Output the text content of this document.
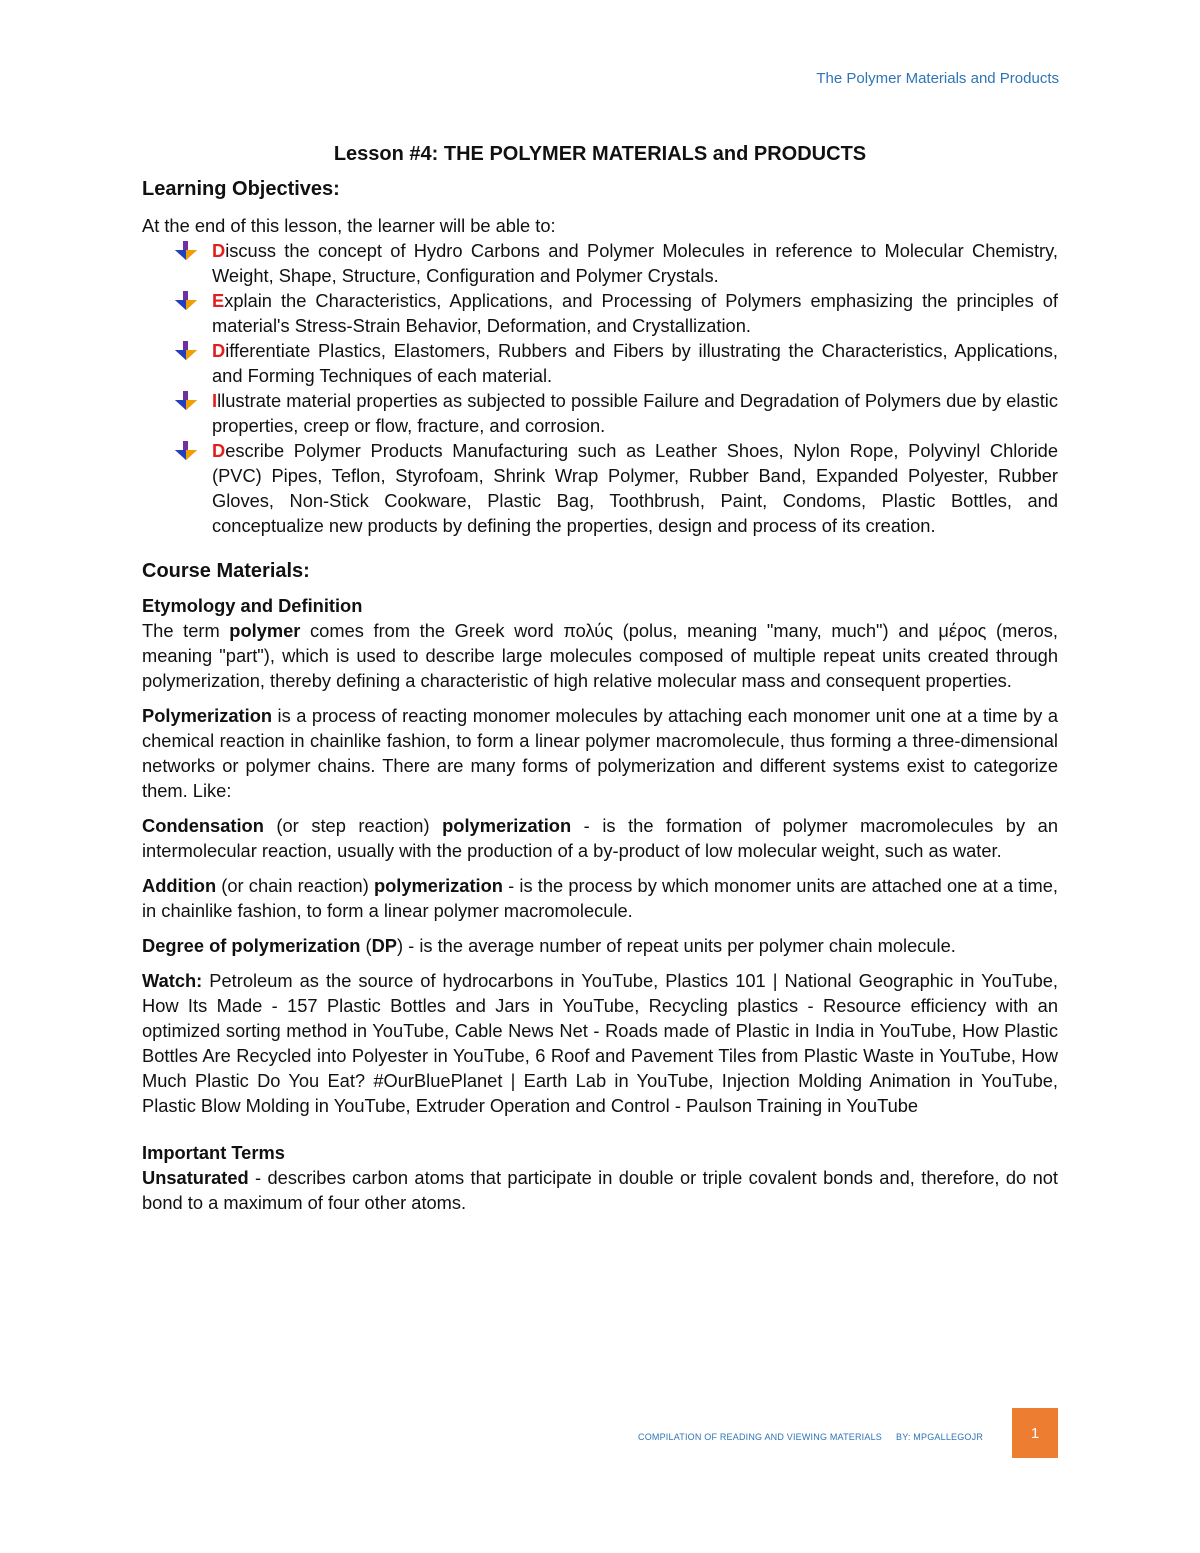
The Polymer Materials and Products
Lesson #4: THE POLYMER MATERIALS and PRODUCTS
Learning Objectives:
At the end of this lesson, the learner will be able to:
Discuss the concept of Hydro Carbons and Polymer Molecules in reference to Molecular Chemistry, Weight, Shape, Structure, Configuration and Polymer Crystals.
Explain the Characteristics, Applications, and Processing of Polymers emphasizing the principles of material's Stress-Strain Behavior, Deformation, and Crystallization.
Differentiate Plastics, Elastomers, Rubbers and Fibers by illustrating the Characteristics, Applications, and Forming Techniques of each material.
Illustrate material properties as subjected to possible Failure and Degradation of Polymers due by elastic properties, creep or flow, fracture, and corrosion.
Describe Polymer Products Manufacturing such as Leather Shoes, Nylon Rope, Polyvinyl Chloride (PVC) Pipes, Teflon, Styrofoam, Shrink Wrap Polymer, Rubber Band, Expanded Polyester, Rubber Gloves, Non-Stick Cookware, Plastic Bag, Toothbrush, Paint, Condoms, Plastic Bottles, and conceptualize new products by defining the properties, design and process of its creation.
Course Materials:
Etymology and Definition

The term polymer comes from the Greek word πολύς (polus, meaning "many, much") and μέρος (meros, meaning "part"), which is used to describe large molecules composed of multiple repeat units created through polymerization, thereby defining a characteristic of high relative molecular mass and consequent properties.

Polymerization is a process of reacting monomer molecules by attaching each monomer unit one at a time by a chemical reaction in chainlike fashion, to form a linear polymer macromolecule, thus forming a three-dimensional networks or polymer chains. There are many forms of polymerization and different systems exist to categorize them. Like:

Condensation (or step reaction) polymerization - is the formation of polymer macromolecules by an intermolecular reaction, usually with the production of a by-product of low molecular weight, such as water.

Addition (or chain reaction) polymerization - is the process by which monomer units are attached one at a time, in chainlike fashion, to form a linear polymer macromolecule.

Degree of polymerization (DP) - is the average number of repeat units per polymer chain molecule.

Watch: Petroleum as the source of hydrocarbons in YouTube, Plastics 101 | National Geographic in YouTube, How Its Made - 157 Plastic Bottles and Jars in YouTube, Recycling plastics - Resource efficiency with an optimized sorting method in YouTube, Cable News Net - Roads made of Plastic in India in YouTube, How Plastic Bottles Are Recycled into Polyester in YouTube, 6 Roof and Pavement Tiles from Plastic Waste in YouTube, How Much Plastic Do You Eat? #OurBluePlanet | Earth Lab in YouTube, Injection Molding Animation in YouTube, Plastic Blow Molding in YouTube, Extruder Operation and Control - Paulson Training in YouTube

Important Terms

Unsaturated - describes carbon atoms that participate in double or triple covalent bonds and, therefore, do not bond to a maximum of four other atoms.

COMPILATION OF READING AND VIEWING MATERIALS BY: MPGALLEGOJR	1
